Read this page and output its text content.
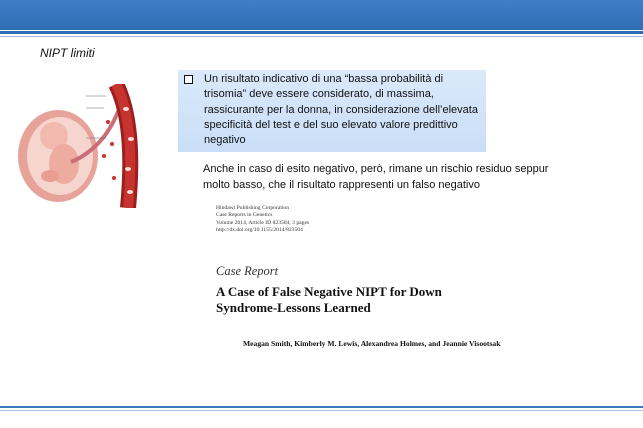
NIPT limiti
Un risultato indicativo di una “bassa probabilità di
trisomia” deve essere considerato, di massima,
rassicurante per la donna, in considerazione dell’elevata
specificità del test e del suo elevato valore predittivo
negativo
Anche in caso di esito negativo, però, rimane un rischio residuo seppur
molto basso, che il risultato rappresenti un falso negativo
Hindawi Publishing Corporation
Case Reports in Genetics
Volume 2014, Article ID 823504, 3 pages
http://dx.doi.org/10.1155/2014/823504
Case Report
A Case of False Negative NIPT for Down
Syndrome-Lessons Learned
Meagan Smith, Kimberly M. Lewis, Alexandrea Holmes, and Jeannie Visootsak
